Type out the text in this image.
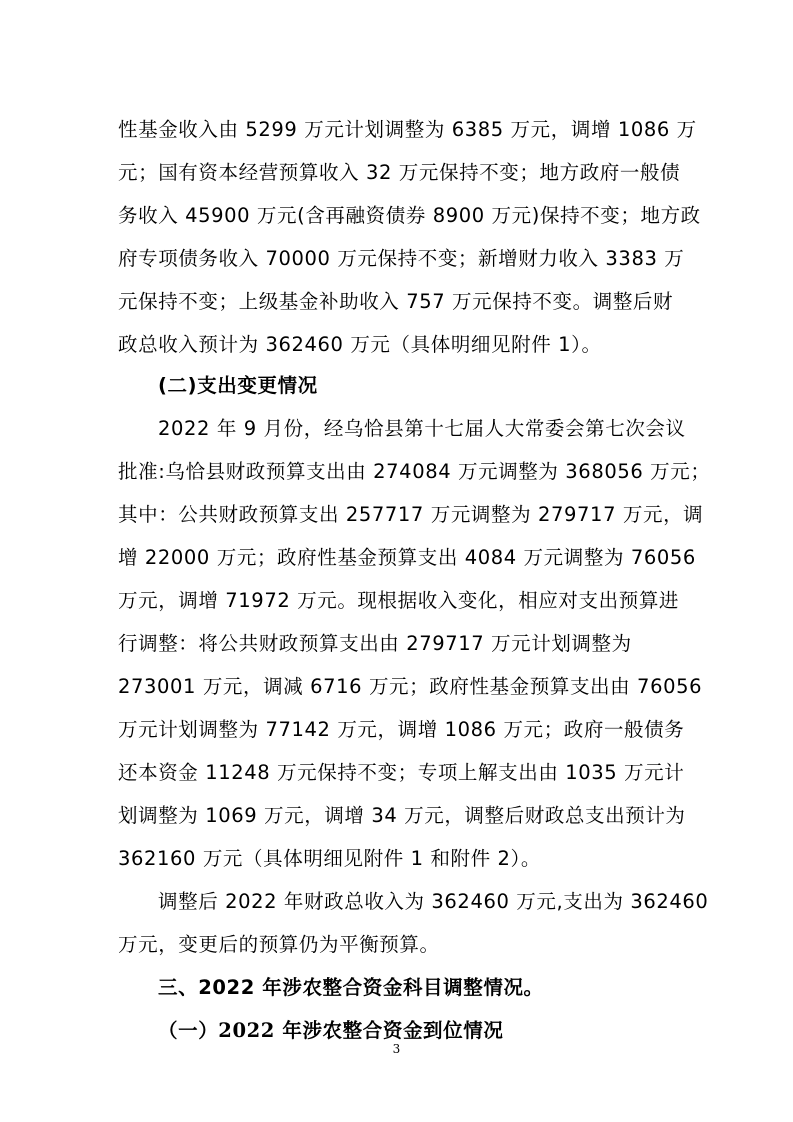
性基金收入由 5299 万元计划调整为 6385 万元，调增 1086 万
元；国有资本经营预算收入 32 万元保持不变；地方政府一般债
务收入 45900 万元(含再融资债券 8900 万元)保持不变；地方政
府专项债务收入 70000 万元保持不变；新增财力收入 3383 万
元保持不变；上级基金补助收入 757 万元保持不变。调整后财
政总收入预计为 362460 万元（具体明细见附件 1）。
(二)支出变更情况
2022 年 9 月份，经乌恰县第十七届人大常委会第七次会议
批准:乌恰县财政预算支出由 274084 万元调整为 368056 万元；
其中：公共财政预算支出 257717 万元调整为 279717 万元，调
增 22000 万元；政府性基金预算支出 4084 万元调整为 76056
万元，调增 71972 万元。现根据收入变化，相应对支出预算进
行调整：将公共财政预算支出由 279717 万元计划调整为
273001 万元，调减 6716 万元；政府性基金预算支出由 76056
万元计划调整为 77142 万元，调增 1086 万元；政府一般债务
还本资金 11248 万元保持不变；专项上解支出由 1035 万元计
划调整为 1069 万元，调增 34 万元，调整后财政总支出预计为
362160 万元（具体明细见附件 1 和附件 2）。
调整后 2022 年财政总收入为 362460 万元,支出为 362460
万元，变更后的预算仍为平衡预算。
三、2022 年涉农整合资金科目调整情况。
（一）2022 年涉农整合资金到位情况
3
